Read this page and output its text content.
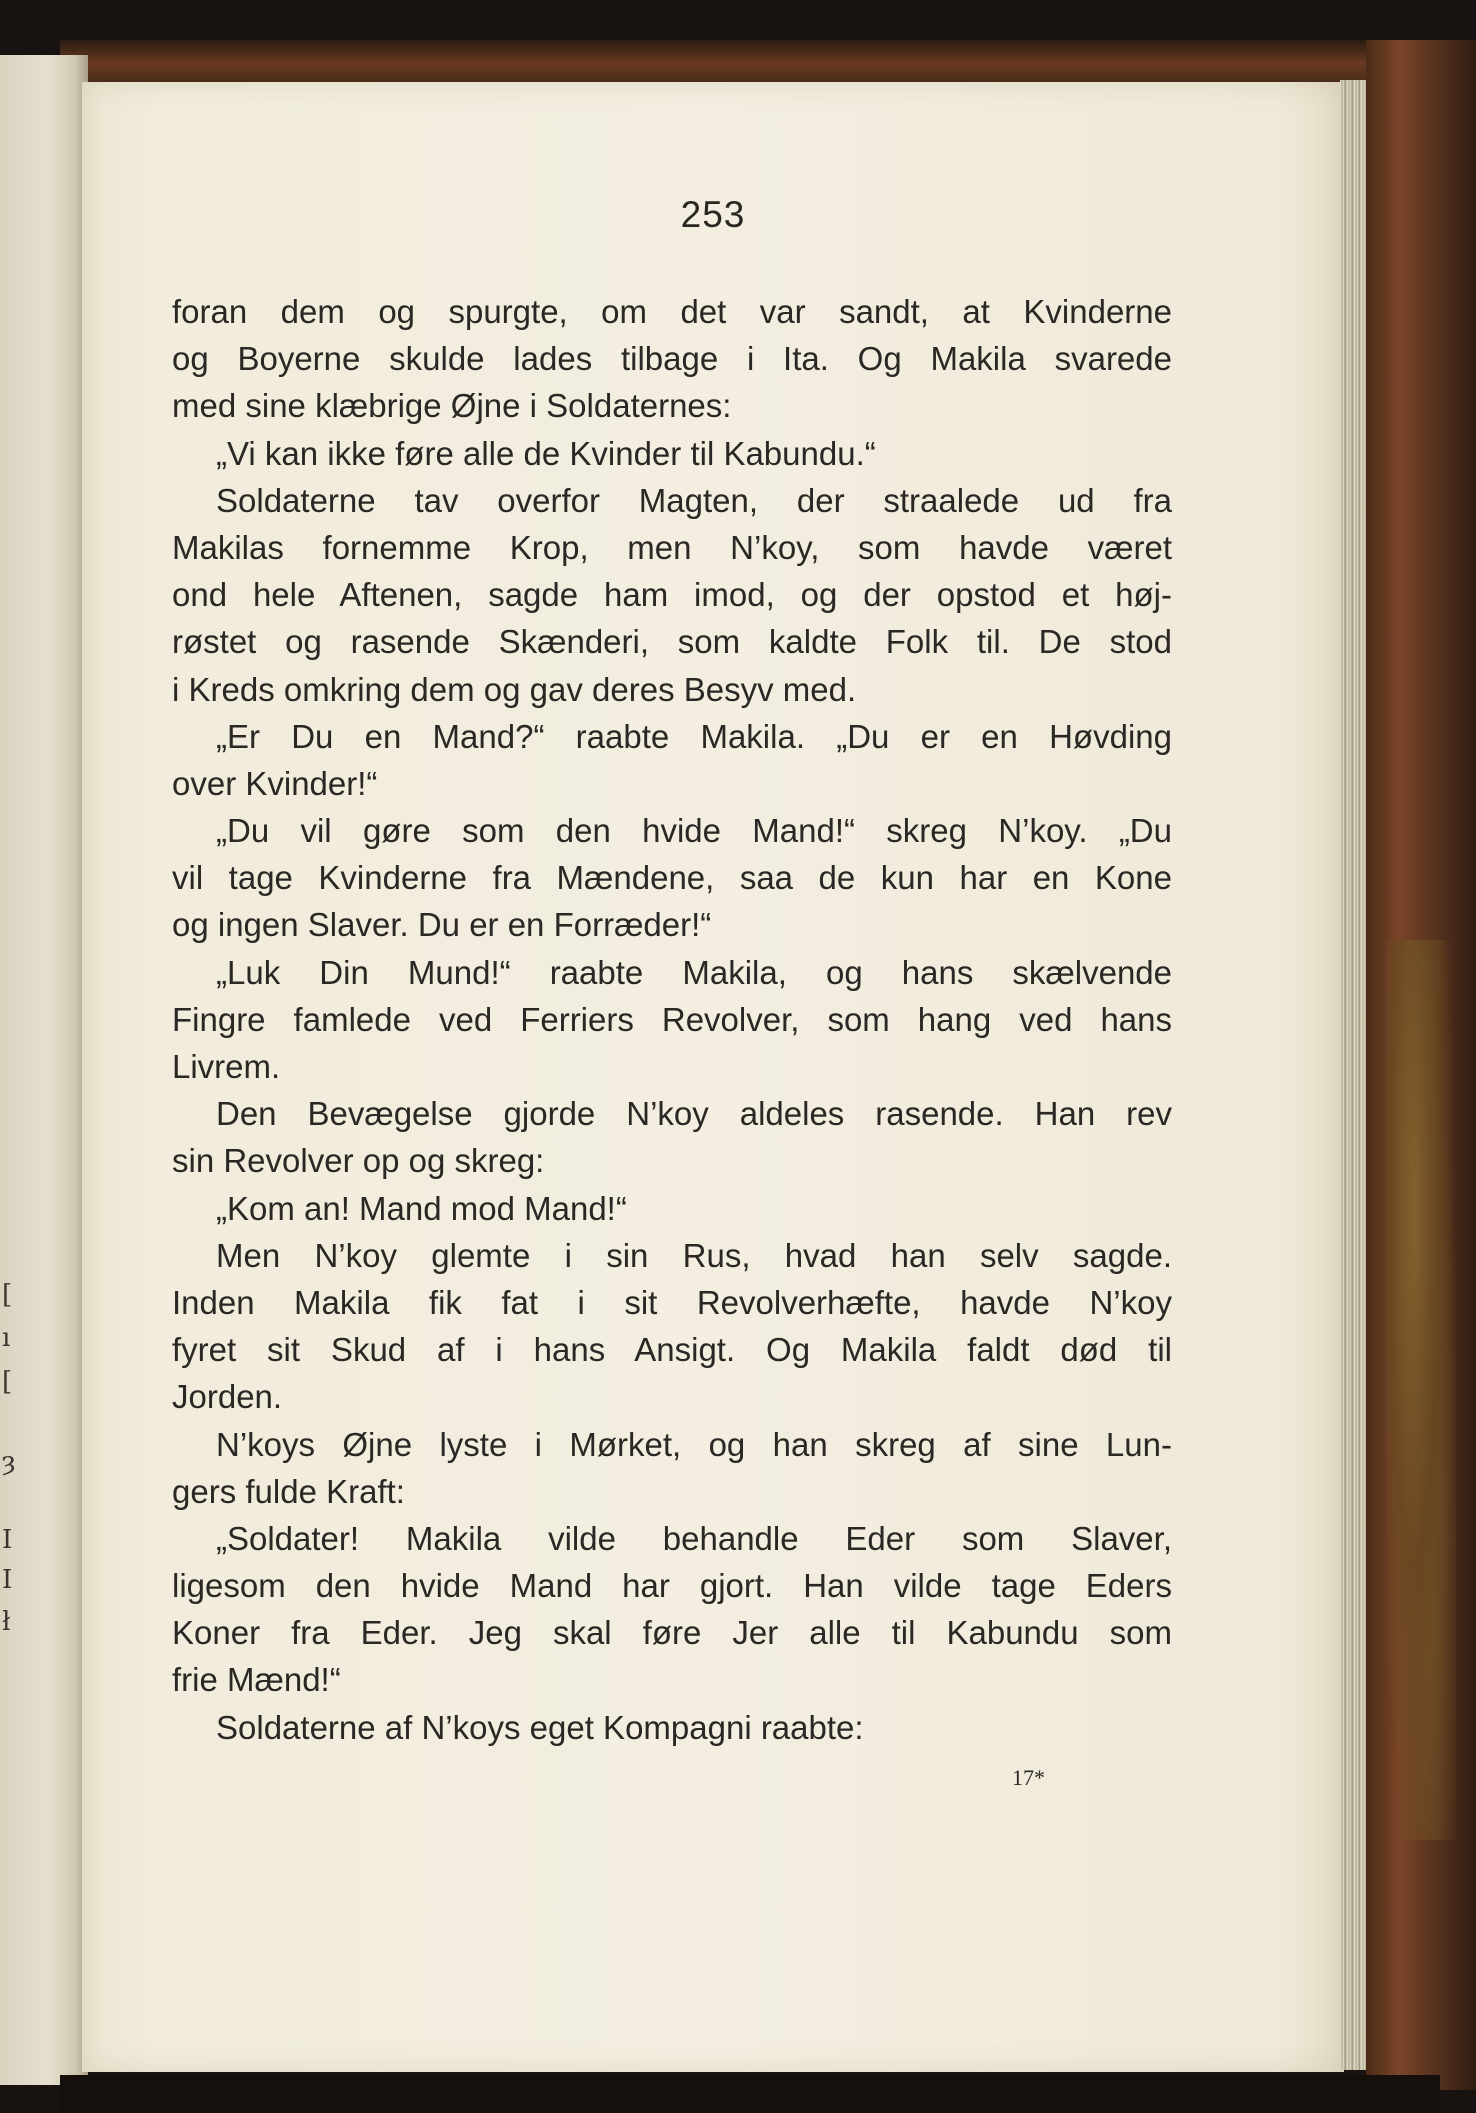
[
ı
[
ȝ
I
I
ł
253
foran dem og spurgte, om det var sandt, at Kvinderne
og Boyerne skulde lades tilbage i Ita. Og Makila svarede
med sine klæbrige Øjne i Soldaternes:
„Vi kan ikke føre alle de Kvinder til Kabundu.“
Soldaterne tav overfor Magten, der straalede ud fra
Makilas fornemme Krop, men N’koy, som havde været
ond hele Aftenen, sagde ham imod, og der opstod et høj-
røstet og rasende Skænderi, som kaldte Folk til. De stod
i Kreds omkring dem og gav deres Besyv med.
„Er Du en Mand?“ raabte Makila. „Du er en Høvding
over Kvinder!“
„Du vil gøre som den hvide Mand!“ skreg N’koy. „Du
vil tage Kvinderne fra Mændene, saa de kun har en Kone
og ingen Slaver. Du er en Forræder!“
„Luk Din Mund!“ raabte Makila, og hans skælvende
Fingre famlede ved Ferriers Revolver, som hang ved hans
Livrem.
Den Bevægelse gjorde N’koy aldeles rasende. Han rev
sin Revolver op og skreg:
„Kom an! Mand mod Mand!“
Men N’koy glemte i sin Rus, hvad han selv sagde.
Inden Makila fik fat i sit Revolverhæfte, havde N’koy
fyret sit Skud af i hans Ansigt. Og Makila faldt død til
Jorden.
N’koys Øjne lyste i Mørket, og han skreg af sine Lun-
gers fulde Kraft:
„Soldater! Makila vilde behandle Eder som Slaver,
ligesom den hvide Mand har gjort. Han vilde tage Eders
Koner fra Eder. Jeg skal føre Jer alle til Kabundu som
frie Mænd!“
Soldaterne af N’koys eget Kompagni raabte:
17*
